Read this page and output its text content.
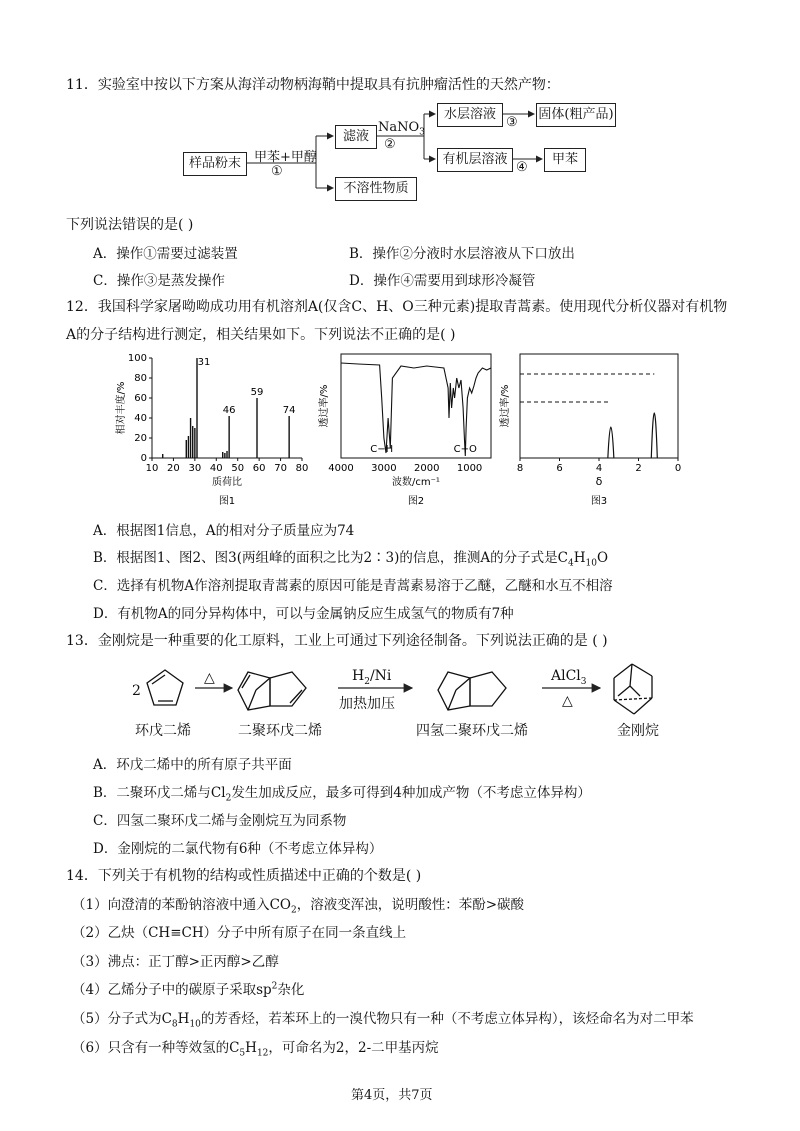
11．实验室中按以下方案从海洋动物柄海鞘中提取具有抗肿瘤活性的天然产物：
样品粉末	甲苯+甲醇
①
滤液
不溶性物质
NaNO$_3$
②
水层溶液
有机层溶液
③
④
固体(粗产品)
甲苯
下列说法错误的是( )
A．操作①需要过滤装置	B．操作②分液时水层溶液从下口放出
C．操作③是蒸发操作	D．操作④需要用到球形冷凝管
12．我国科学家屠呦呦成功用有机溶剂A(仅含C、H、O三种元素)提取青蒿素。使用现代分析仪器对有机物
A的分子结构进行测定，相关结果如下。下列说法不正确的是( )
0
20
40
60
80
100
10 20 30 40 50 60 70 80
31
46
59
74
相对丰度/%
质荷比
图1
4000 3000 2000 1000
C−H	C−O
透过率/%
波数/cm⁻¹
图2
8	6	4	2	0
透过率/%
δ
图3
A．根据图1信息，A的相对分子质量应为74
B．根据图1、图2、图3(两组峰的面积之比为2∶3)的信息，推测A的分子式是$C_4H_{10}O$
C．选择有机物A作溶剂提取青蒿素的原因可能是青蒿素易溶于乙醚，乙醚和水互不相溶
D．有机物A的同分异构体中，可以与金属钠反应生成氢气的物质有7种
13．金刚烷是一种重要的化工原料，工业上可通过下列途径制备。下列说法正确的是 ( )
2
△	$H_2/Ni$
加热加压
AlCl$_3$
△
环戊二烯	二聚环戊二烯	四氢二聚环戊二烯	金刚烷
A．环戊二烯中的所有原子共平面
B．二聚环戊二烯与$Cl_2$发生加成反应，最多可得到4种加成产物（不考虑立体异构）
C．四氢二聚环戊二烯与金刚烷互为同系物
D．金刚烷的二氯代物有6种（不考虑立体异构）
14．下列关于有机物的结构或性质描述中正确的个数是( )
（1）向澄清的苯酚钠溶液中通入$CO_2$，溶液变浑浊，说明酸性：苯酚>碳酸
（2）乙炔（CH≡CH）分子中所有原子在同一条直线上
（3）沸点：正丁醇>正丙醇>乙醇
（4）乙烯分子中的碳原子采取$sp^2$杂化
（5）分子式为$C_8H_{10}$的芳香烃，若苯环上的一溴代物只有一种（不考虑立体异构），该烃命名为对二甲苯
（6）只含有一种等效氢的$C_5H_{12}$，可命名为2，2-二甲基丙烷
第4页，共7页
